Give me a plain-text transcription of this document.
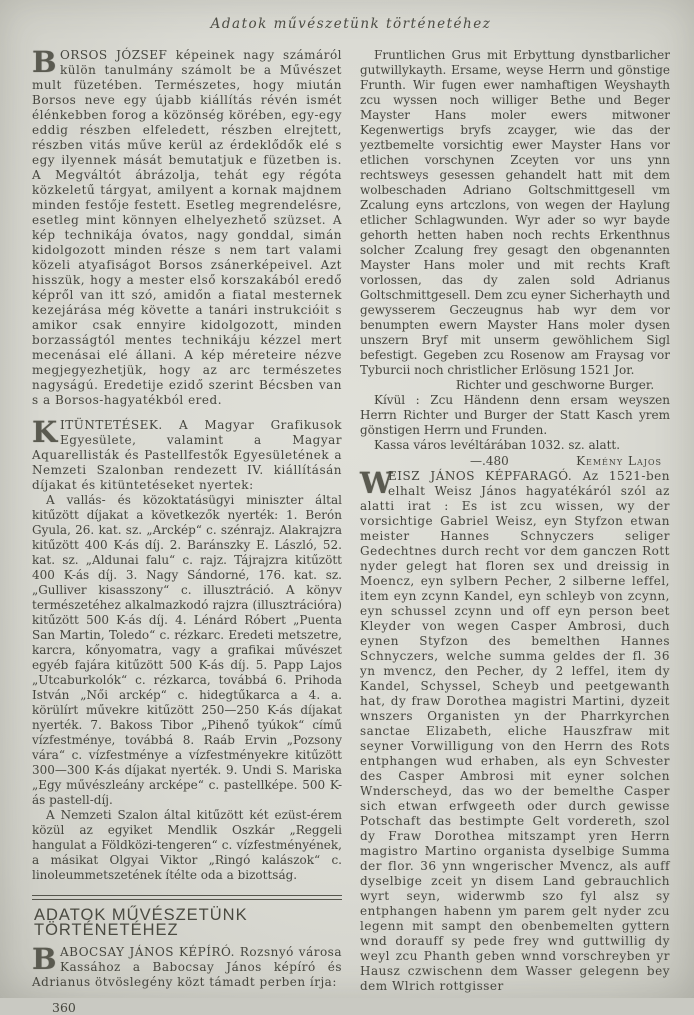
Adatok művészetünk történetéhez

BORSOS JÓZSEF képeinek nagy számáról külön tanulmány számolt be a Művészet mult füzetében. Természetes, hogy miután Borsos neve egy újabb kiállítás révén ismét élénkebben forog a közönség körében, egy-egy eddig részben elfeledett, részben elrejtett, részben vitás műve kerül az érdeklődők elé s egy ilyennek mását bemutatjuk e füzetben is. A Megváltót ábrázolja, tehát egy régóta közkeletű tárgyat, amilyent a kornak majdnem minden festője festett. Esetleg megrendelésre, esetleg mint könnyen elhelyezhető szüzset. A kép technikája óvatos, nagy gonddal, simán kidolgozott minden része s nem tart valami közeli atyafiságot Borsos zsánerképeivel. Azt hisszük, hogy a mester első korszakából eredő képről van itt szó, amidőn a fiatal mesternek kezejárása még követte a tanári instrukcióit s amikor csak ennyire kidolgozott, minden borzasságtól mentes technikáju kézzel mert mecenásai elé állani. A kép méreteire nézve megjegyezhetjük, hogy az arc természetes nagyságú. Eredetije ezidő szerint Bécsben van s a Borsos-hagyatékból ered.

KITÜNTETÉSEK. A Magyar Grafikusok Egyesülete, valamint a Magyar Aquarellisták és Pastellfestők Egyesületének a Nemzeti Szalonban rendezett IV. kiállításán díjakat és kitüntetéseket nyertek:

A vallás- és közoktatásügyi miniszter által kitűzött díjakat a következők nyerték: 1. Berón Gyula, 26. kat. sz. „Arckép“ c. szénrajz. Alakrajzra kitűzött 400 K-ás díj. 2. Baránszky E. László, 52. kat. sz. „Aldunai falu“ c. rajz. Tájrajzra kitűzött 400 K-ás díj. 3. Nagy Sándorné, 176. kat. sz. „Gulliver kisasszony“ c. illusztráció. A könyv természetéhez alkalmazkodó rajzra (illusztrációra) kitűzött 500 K-ás díj. 4. Lénárd Róbert „Puenta San Martin, Toledo“ c. rézkarc. Eredeti metszetre, karcra, kőnyomatra, vagy a grafikai művészet egyéb fajára kitűzött 500 K-ás díj. 5. Papp Lajos „Utcaburkolók“ c. rézkarca, továbbá 6. Prihoda István „Női arckép“ c. hidegtűkarca a 4. a. körülírt művekre kitűzött 250—250 K-ás díjakat nyerték. 7. Bakoss Tibor „Pihenő tyúkok“ című vízfestménye, továbbá 8. Raáb Ervin „Pozsony vára“ c. vízfestménye a vízfestményekre kitűzött 300—300 K-ás díjakat nyerték. 9. Undi S. Mariska „Egy művészleány arcképe“ c. pastellképe. 500 K-ás pastell-díj.

A Nemzeti Szalon által kitűzött két ezüst-érem közül az egyiket Mendlik Oszkár „Reggeli hangulat a Földközi-tengeren“ c. vízfestményének, a másikat Olgyai Viktor „Ringó kalászok“ c. linoleummetszetének ítélte oda a bizottság.

ADATOK MŰVÉSZETÜNK TÖRTÉNETÉHEZ

BABOCSAY JÁNOS KÉPÍRÓ. Rozsnyó városa Kassához a Babocsay János képíró és Adrianus ötvöslegény közt támadt perben írja:

360

Fruntlichen Grus mit Erbyttung dynstbarlicher gutwillykayth. Ersame, weyse Herrn und gönstige Frunth. Wir fugen ewer namhaftigen Weyshayth zcu wyssen noch williger Bethe und Beger Mayster Hans moler ewers mitwoner Kegenwertigs bryfs zcayger, wie das der yeztbemelte vorsichtig ewer Mayster Hans vor etlichen vorschynen Zceyten vor uns ynn rechtsweys gesessen gehandelt hatt mit dem wolbeschaden Adriano Goltschmittgesell vm Zcalung eyns artczlons, von wegen der Haylung etlicher Schlagwunden. Wyr ader so wyr bayde gehorth hetten haben noch rechts Erkenthnus solcher Zcalung frey gesagt den obgenannten Mayster Hans moler und mit rechts Kraft vorlossen, das dy zalen sold Adrianus Goltschmittgesell. Dem zcu eyner Sicherhayth und gewysserem Geczeugnus hab wyr dem vor benumpten ewern Mayster Hans moler dysen unszern Bryf mit unserm gewöhlichem Sigl befestigt. Gegeben zcu Rosenow am Fraysag vor Tyburcii noch christlicher Erlösung 1521 Jor.

Richter und geschworne Burger.

Kívül : Zcu Händenn denn ersam weyszen Herrn Richter und Burger der Statt Kasch yrem gönstigen Herrn und Frunden.

Kassa város levéltárában 1032. sz. alatt.

—.480	Kemény Lajos

W
EISZ JÁNOS KÉPFARAGÓ. Az 1521-ben elhalt Weisz János hagyatékáról szól az alatti irat : Es ist zcu wissen, wy der vorsichtige Gabriel Weisz, eyn Styfzon etwan meister Hannes Schnyczers seliger Gedechtnes durch recht vor dem ganczen Rott nyder gelegt hat floren sex und dreissig in Moencz, eyn sylbern Pecher, 2 silberne leffel, item eyn zcynn Kandel, eyn schleyb von zcynn, eyn schussel zcynn und off eyn person beet Kleyder von wegen Casper Ambrosi, duch eynen Styfzon des bemelthen Hannes Schnyczers, welche summa geldes der fl. 36 yn mvencz, den Pecher, dy 2 leffel, item dy Kandel, Schyssel, Scheyb und peetgewanth hat, dy fraw Dorothea magistri Martini, dyzeit wnszers Organisten yn der Pharrkyrchen sanctae Elizabeth, eliche Hauszfraw mit seyner Vorwilligung von den Herrn des Rots entphangen wud erhaben, als eyn Schvester des Casper Ambrosi mit eyner solchen Wnderscheyd, das wo der bemelthe Casper sich etwan erfwgeeth oder durch gewisse Potschaft das bestimpte Gelt vordereth, szol dy Fraw Dorothea mitszampt yren Herrn magistro Martino organista dyselbige Summa der flor. 36 ynn wngerischer Mvencz, als auff dyselbige zceit yn disem Land gebrauchlich wyrt seyn, widerwmb szo fyl alsz sy entphangen habenn ym parem gelt nyder zcu legenn mit sampt den obenbemelten gyttern wnd dorauff sy pede frey wnd guttwillig dy weyl zcu Phanth geben wnnd vorschreyben yr Hausz czwischenn dem Wasser gelegenn bey dem Wlrich rottgisser
